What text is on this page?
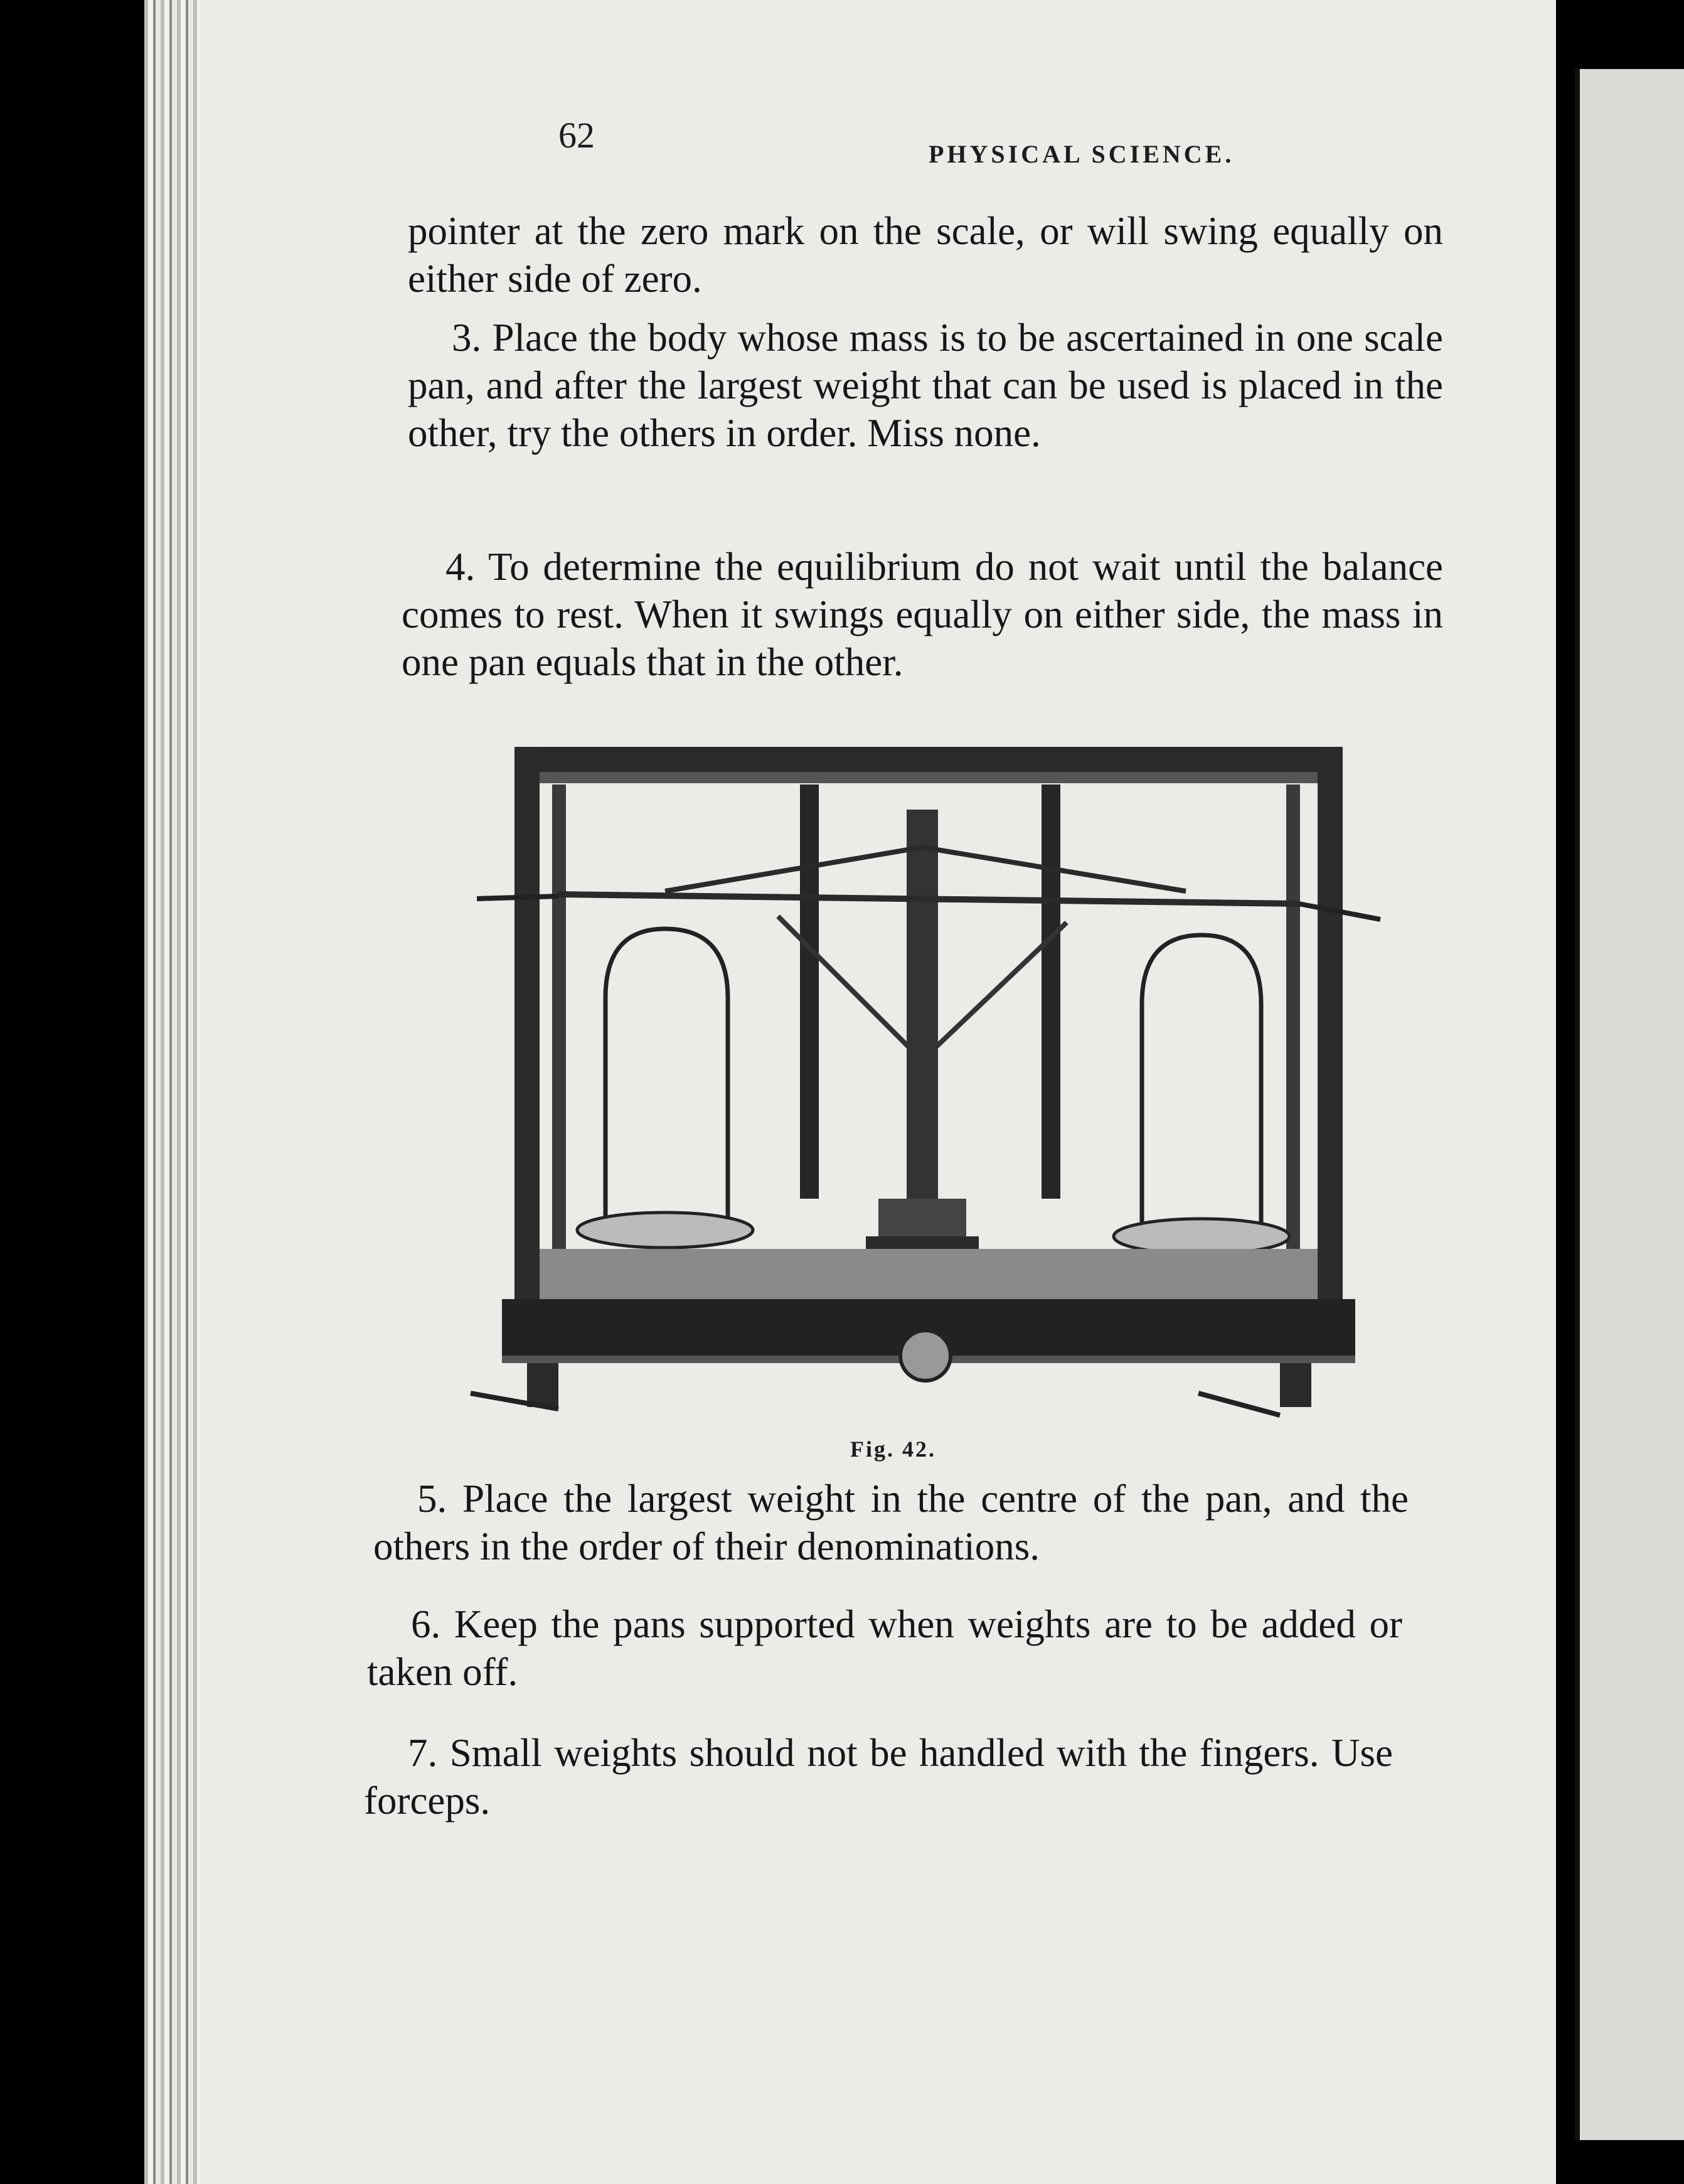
62	PHYSICAL SCIENCE.
pointer at the zero mark on the scale, or will swing equally on either side of zero.
3. Place the body whose mass is to be ascertained in one scale pan, and after the largest weight that can be used is placed in the other, try the others in order. Miss none.
4. To determine the equilibrium do not wait until the balance comes to rest. When it swings equally on either side, the mass in one pan equals that in the other.
Fig. 42.
5. Place the largest weight in the centre of the pan, and the others in the order of their denominations.
6. Keep the pans supported when weights are to be added or taken off.
7. Small weights should not be handled with the fingers. Use forceps.
